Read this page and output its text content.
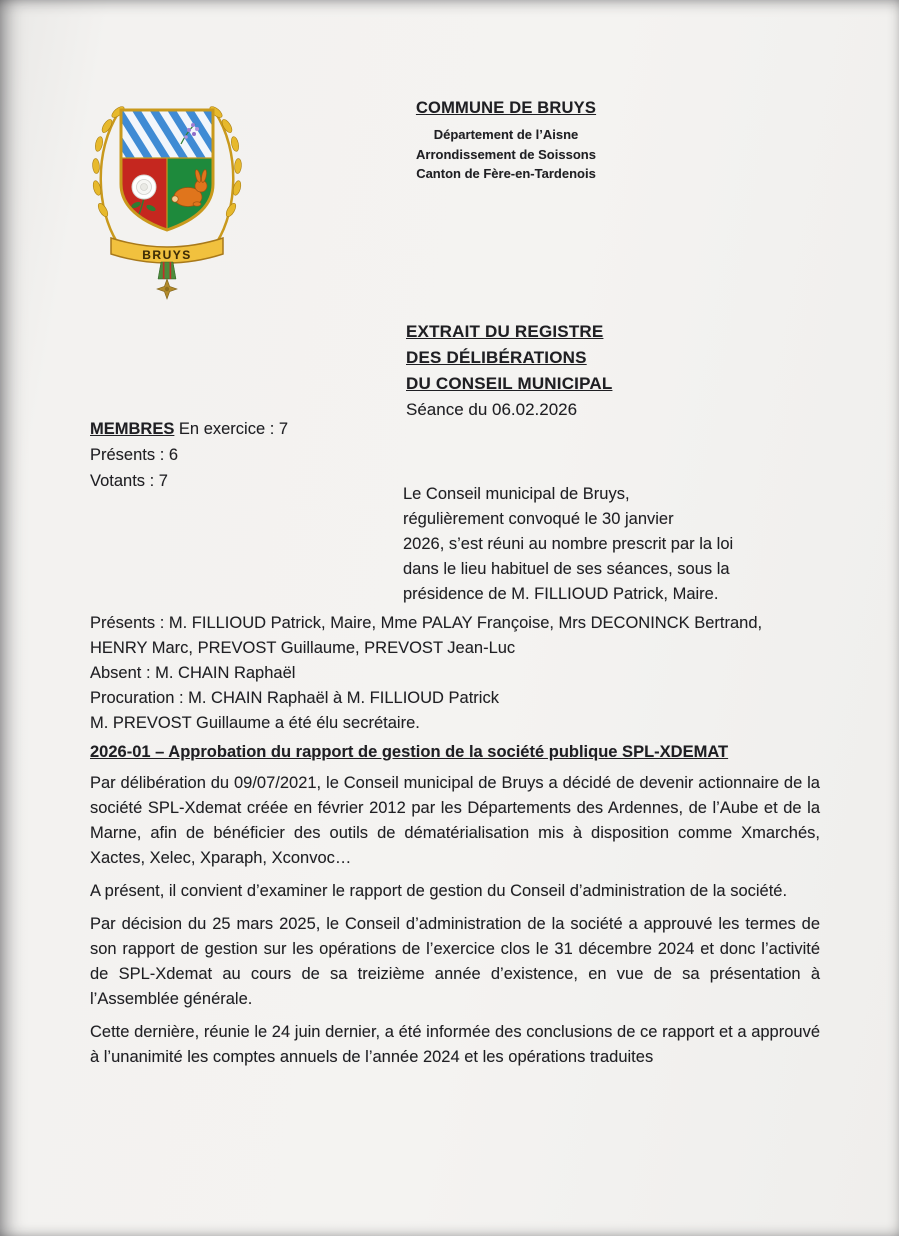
BRUYS
COMMUNE DE BRUYS
Département de l’Aisne
Arrondissement de Soissons
Canton de Fère-en-Tardenois
EXTRAIT DU REGISTRE
DES DÉLIBÉRATIONS
DU CONSEIL MUNICIPAL
Séance du 06.02.2026
MEMBRES En exercice : 7
Présents : 6
Votants : 7
Le Conseil municipal de Bruys,
régulièrement convoqué le 30 janvier
2026, s’est réuni au nombre prescrit par la loi
dans le lieu habituel de ses séances, sous la
présidence de M. FILLIOUD Patrick, Maire.
Présents : M. FILLIOUD Patrick, Maire, Mme PALAY Françoise, Mrs DECONINCK Bertrand, HENRY Marc, PREVOST Guillaume, PREVOST Jean-Luc
Absent : M. CHAIN Raphaël
Procuration : M. CHAIN Raphaël à M. FILLIOUD Patrick
M. PREVOST Guillaume a été élu secrétaire.
2026-01 – Approbation du rapport de gestion de la société publique SPL-XDEMAT

Par délibération du 09/07/2021, le Conseil municipal de Bruys a décidé de devenir actionnaire de la société SPL-Xdemat créée en février 2012 par les Départements des Ardennes, de l’Aube et de la Marne, afin de bénéficier des outils de dématérialisation mis à disposition comme Xmarchés, Xactes, Xelec, Xparaph, Xconvoc…

A présent, il convient d’examiner le rapport de gestion du Conseil d’administration de la société.

Par décision du 25 mars 2025, le Conseil d’administration de la société a approuvé les termes de son rapport de gestion sur les opérations de l’exercice clos le 31 décembre 2024 et donc l’activité de SPL-Xdemat au cours de sa treizième année d’existence, en vue de sa présentation à l’Assemblée générale.

Cette dernière, réunie le 24 juin dernier, a été informée des conclusions de ce rapport et a approuvé à l’unanimité les comptes annuels de l’année 2024 et les opérations traduites
